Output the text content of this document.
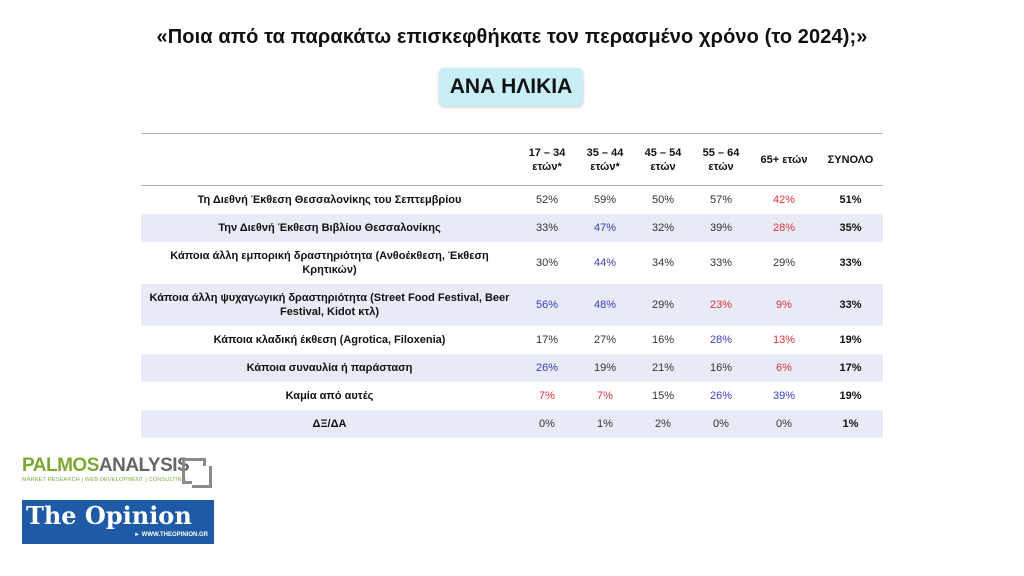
«Ποια από τα παρακάτω επισκεφθήκατε τον περασμένο χρόνο (το 2024);»
ΑΝΑ ΗΛΙΚΙΑ
	17 – 34 ετών*	35 – 44 ετών*	45 – 54 ετών	55 – 64 ετών	65+ ετών	ΣΥΝΟΛΟ
Τη Διεθνή Έκθεση Θεσσαλονίκης του Σεπτεμβρίου	52%	59%	50%	57%	42%	51%
Την Διεθνή Έκθεση Βιβλίου Θεσσαλονίκης	33%	47%	32%	39%	28%	35%
Κάποια άλλη εμπορική δραστηριότητα (Ανθοέκθεση, Έκθεση Κρητικών)	30%	44%	34%	33%	29%	33%
Κάποια άλλη ψυχαγωγική δραστηριότητα (Street Food Festival, Beer Festival, Kidot κτλ)	56%	48%	29%	23%	9%	33%
Κάποια κλαδική έκθεση (Agrotica, Filoxenia)	17%	27%	16%	28%	13%	19%
Κάποια συναυλία ή παράσταση	26%	19%	21%	16%	6%	17%
Καμία από αυτές	7%	7%	15%	26%	39%	19%
ΔΞ/ΔΑ	0%	1%	2%	0%	0%	1%
PALMOSANALYSIS
MARKET RESEARCH | WEB DEVELOPMENT | CONSULTING
The Opinion
► WWW.THEOPINION.GR
